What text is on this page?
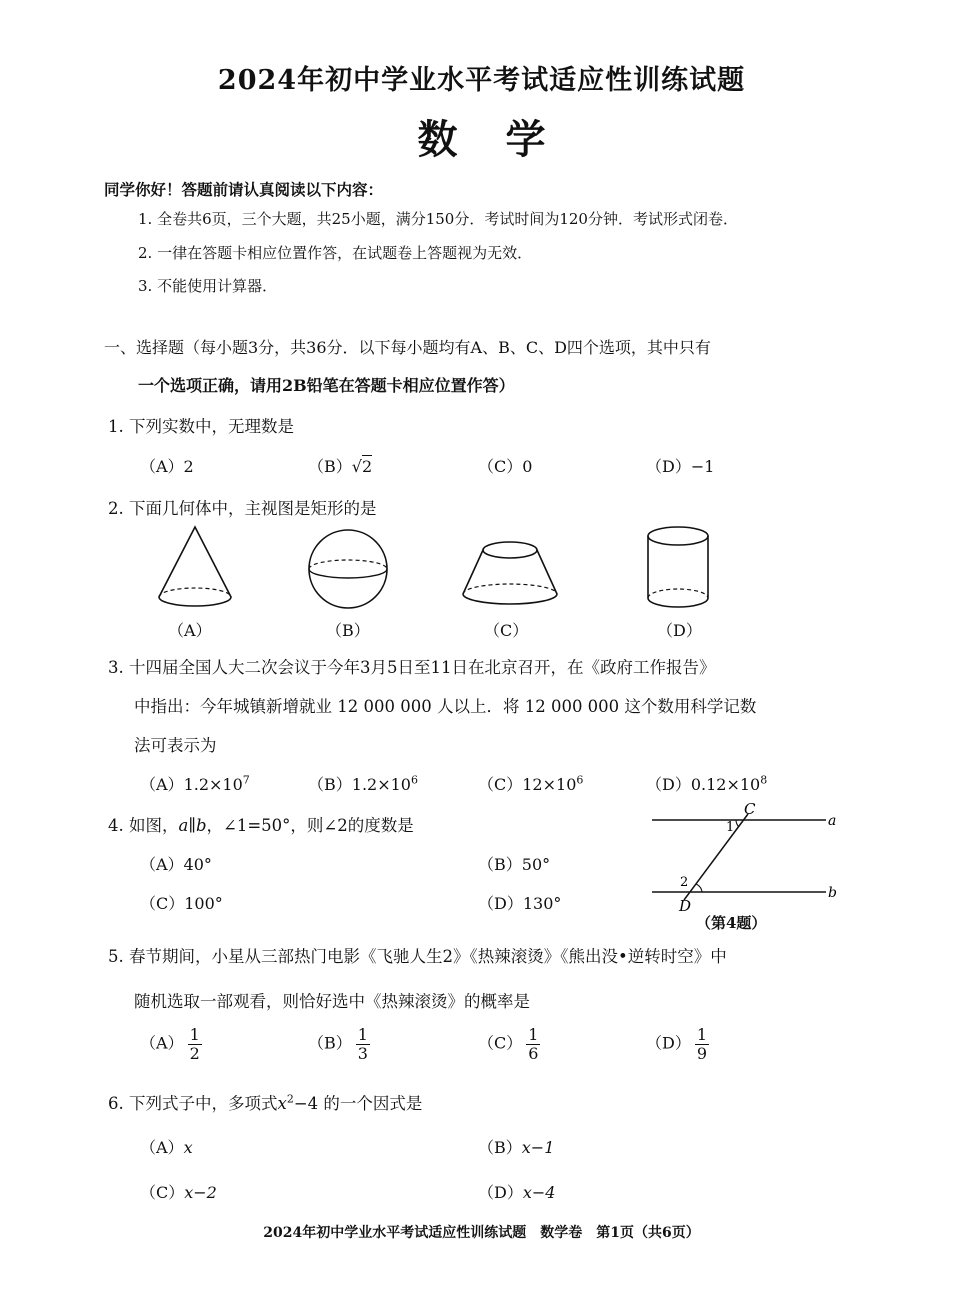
2024年初中学业水平考试适应性训练试题
数学
同学你好！答题前请认真阅读以下内容：
1. 全卷共6页，三个大题，共25小题，满分150分．考试时间为120分钟．考试形式闭卷．
2. 一律在答题卡相应位置作答，在试题卷上答题视为无效．
3. 不能使用计算器．
一、选择题（每小题3分，共36分．以下每小题均有A、B、C、D四个选项，其中只有
一个选项正确，请用2B铅笔在答题卡相应位置作答）
1. 下列实数中，无理数是
（A）2	（B）√2	（C）0	（D）−1
2. 下面几何体中，主视图是矩形的是
（A）	（B）	（C）	（D）
3. 十四届全国人大二次会议于今年3月5日至11日在北京召开，在《政府工作报告》
中指出：今年城镇新增就业 12 000 000 人以上．将 12 000 000 这个数用科学记数
法可表示为
$(A)1.2\times 10^7$	$(B)1.2\times 10^6$	$(C)12\times 10^6$	$(D)0.12\times 10^8$
4. 如图，a∥b，∠1=50°，则∠2的度数是
（A）40°	（B）50°
（C）100°	（D）130°
C
D
a
b
1
2
（第4题）
5. 春节期间，小星从三部热门电影《飞驰人生2》《热辣滚烫》《熊出没•逆转时空》中
随机选取一部观看，则恰好选中《热辣滚烫》的概率是
$(A) \frac{1}{2}$	$(B) \frac{1}{3}$	$(C) \frac{1}{6}$	$(D) \frac{1}{9}$
6. 下列式子中，多项式$x^2-4$ 的一个因式是
（A）x	（B）x−1
（C）x−2	（D）x−4
2024年初中学业水平考试适应性训练试题　数学卷　第1页（共6页）
